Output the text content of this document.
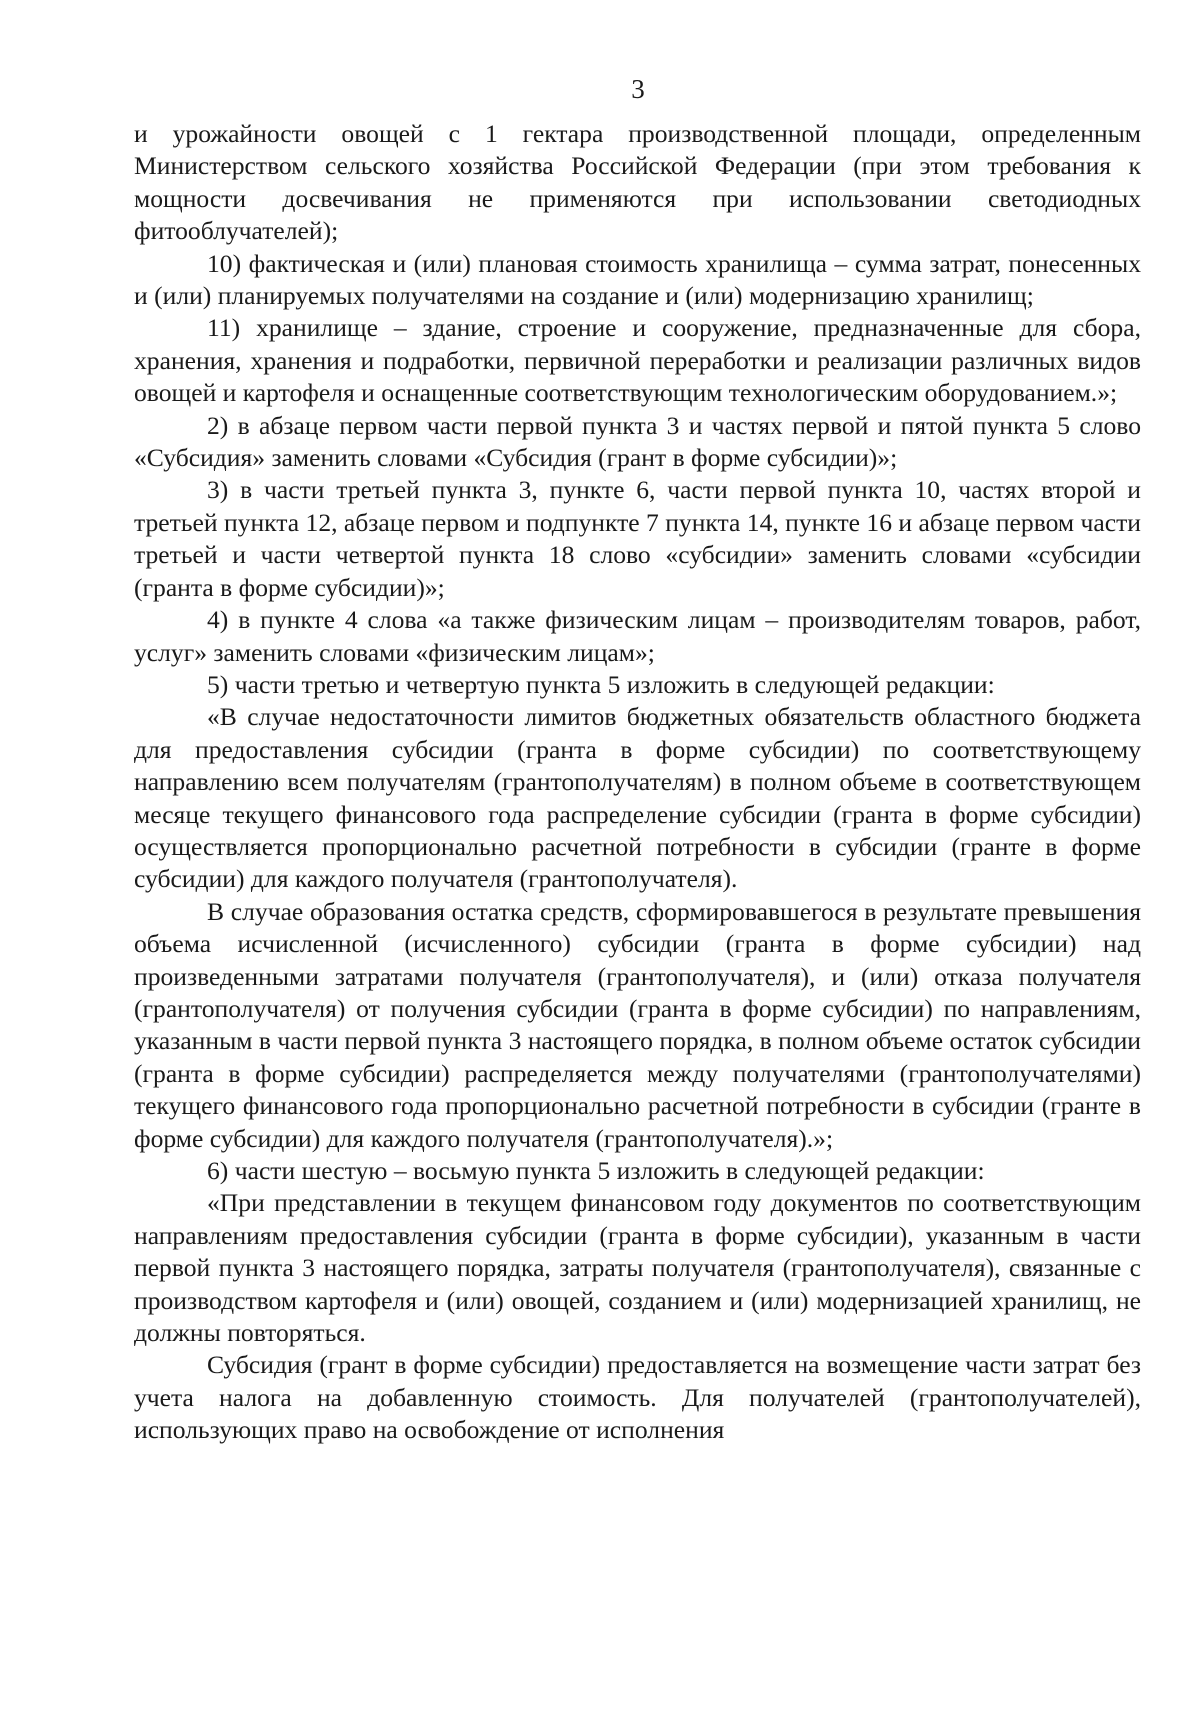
3

и урожайности овощей с 1 гектара производственной площади, определенным Министерством сельского хозяйства Российской Федерации (при этом требования к мощности досвечивания не применяются при использовании светодиодных фитооблучателей);

10) фактическая и (или) плановая стоимость хранилища – сумма затрат, понесенных и (или) планируемых получателями на создание и (или) модернизацию хранилищ;

11) хранилище – здание, строение и сооружение, предназначенные для сбора, хранения, хранения и подработки, первичной переработки и реализации различных видов овощей и картофеля и оснащенные соответствующим технологическим оборудованием.»;

2) в абзаце первом части первой пункта 3 и частях первой и пятой пункта 5 слово «Субсидия» заменить словами «Субсидия (грант в форме субсидии)»;

3) в части третьей пункта 3, пункте 6, части первой пункта 10, частях второй и третьей пункта 12, абзаце первом и подпункте 7 пункта 14, пункте 16 и абзаце первом части третьей и части четвертой пункта 18 слово «субсидии» заменить словами «субсидии (гранта в форме субсидии)»;

4) в пункте 4 слова «а также физическим лицам – производителям товаров, работ, услуг» заменить словами «физическим лицам»;

5) части третью и четвертую пункта 5 изложить в следующей редакции:

«В случае недостаточности лимитов бюджетных обязательств областного бюджета для предоставления субсидии (гранта в форме субсидии) по соответствующему направлению всем получателям (грантополучателям) в полном объеме в соответствующем месяце текущего финансового года распределение субсидии (гранта в форме субсидии) осуществляется пропорционально расчетной потребности в субсидии (гранте в форме субсидии) для каждого получателя (грантополучателя).

В случае образования остатка средств, сформировавшегося в результате превышения объема исчисленной (исчисленного) субсидии (гранта в форме субсидии) над произведенными затратами получателя (грантополучателя), и (или) отказа получателя (грантополучателя) от получения субсидии (гранта в форме субсидии) по направлениям, указанным в части первой пункта 3 настоящего порядка, в полном объеме остаток субсидии (гранта в форме субсидии) распределяется между получателями (грантополучателями) текущего финансового года пропорционально расчетной потребности в субсидии (гранте в форме субсидии) для каждого получателя (грантополучателя).»;

6) части шестую – восьмую пункта 5 изложить в следующей редакции:

«При представлении в текущем финансовом году документов по соответствующим направлениям предоставления субсидии (гранта в форме субсидии), указанным в части первой пункта 3 настоящего порядка, затраты получателя (грантополучателя), связанные с производством картофеля и (или) овощей, созданием и (или) модернизацией хранилищ, не должны повторяться.

Субсидия (грант в форме субсидии) предоставляется на возмещение части затрат без учета налога на добавленную стоимость. Для получателей (грантополучателей), использующих право на освобождение от исполнения
